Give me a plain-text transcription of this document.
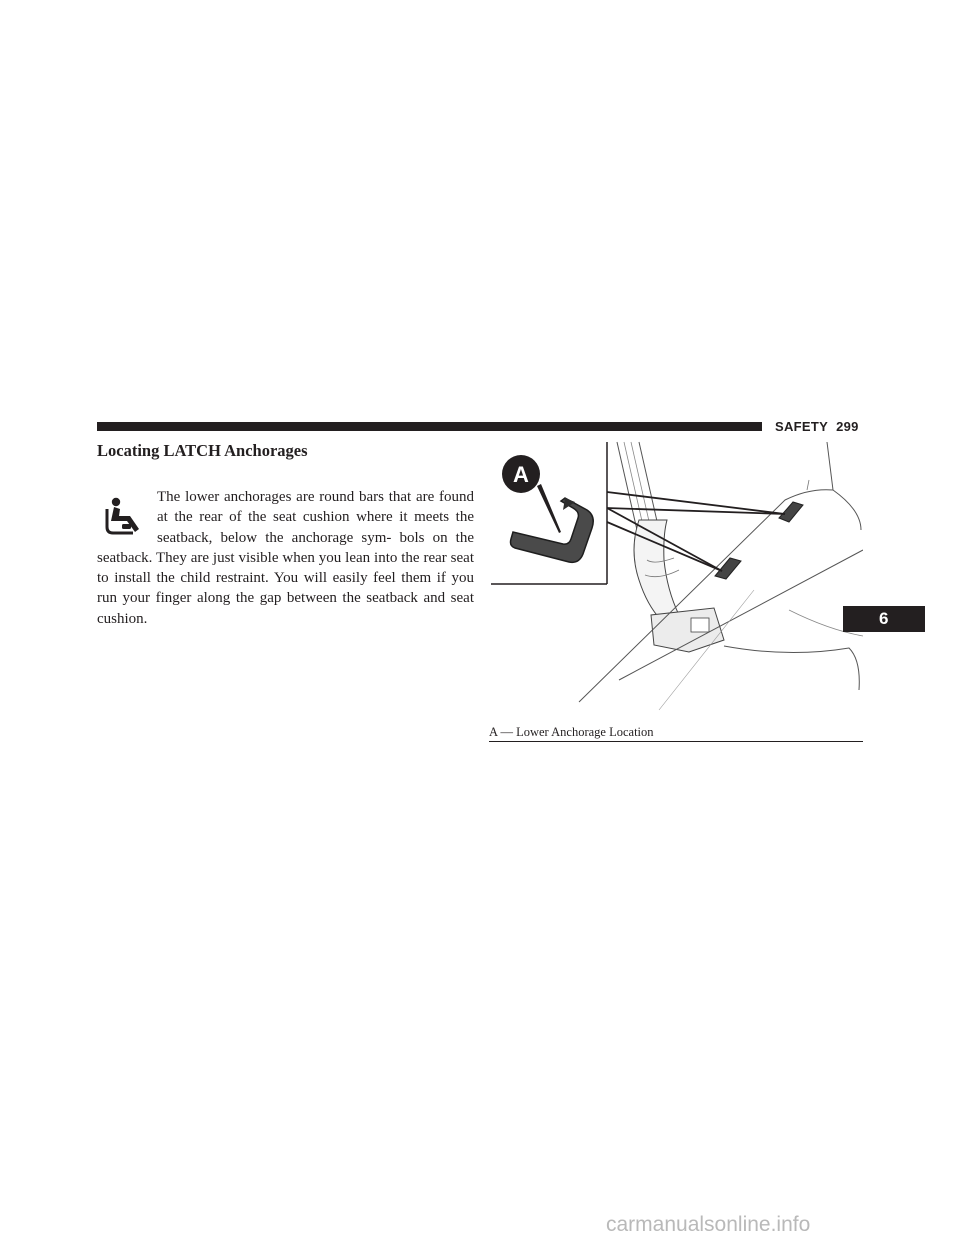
SAFETY 299
Locating LATCH Anchorages

The lower anchorages are round bars that are found at the rear of the seat cushion where it meets the seatback, below the anchorage sym- bols on the seatback. They are just visible when you lean into the rear seat to install the child restraint. You will easily feel them if you run your finger along the gap between the seatback and seat cushion.

A
A — Lower Anchorage Location
6
carmanualsonline.info
